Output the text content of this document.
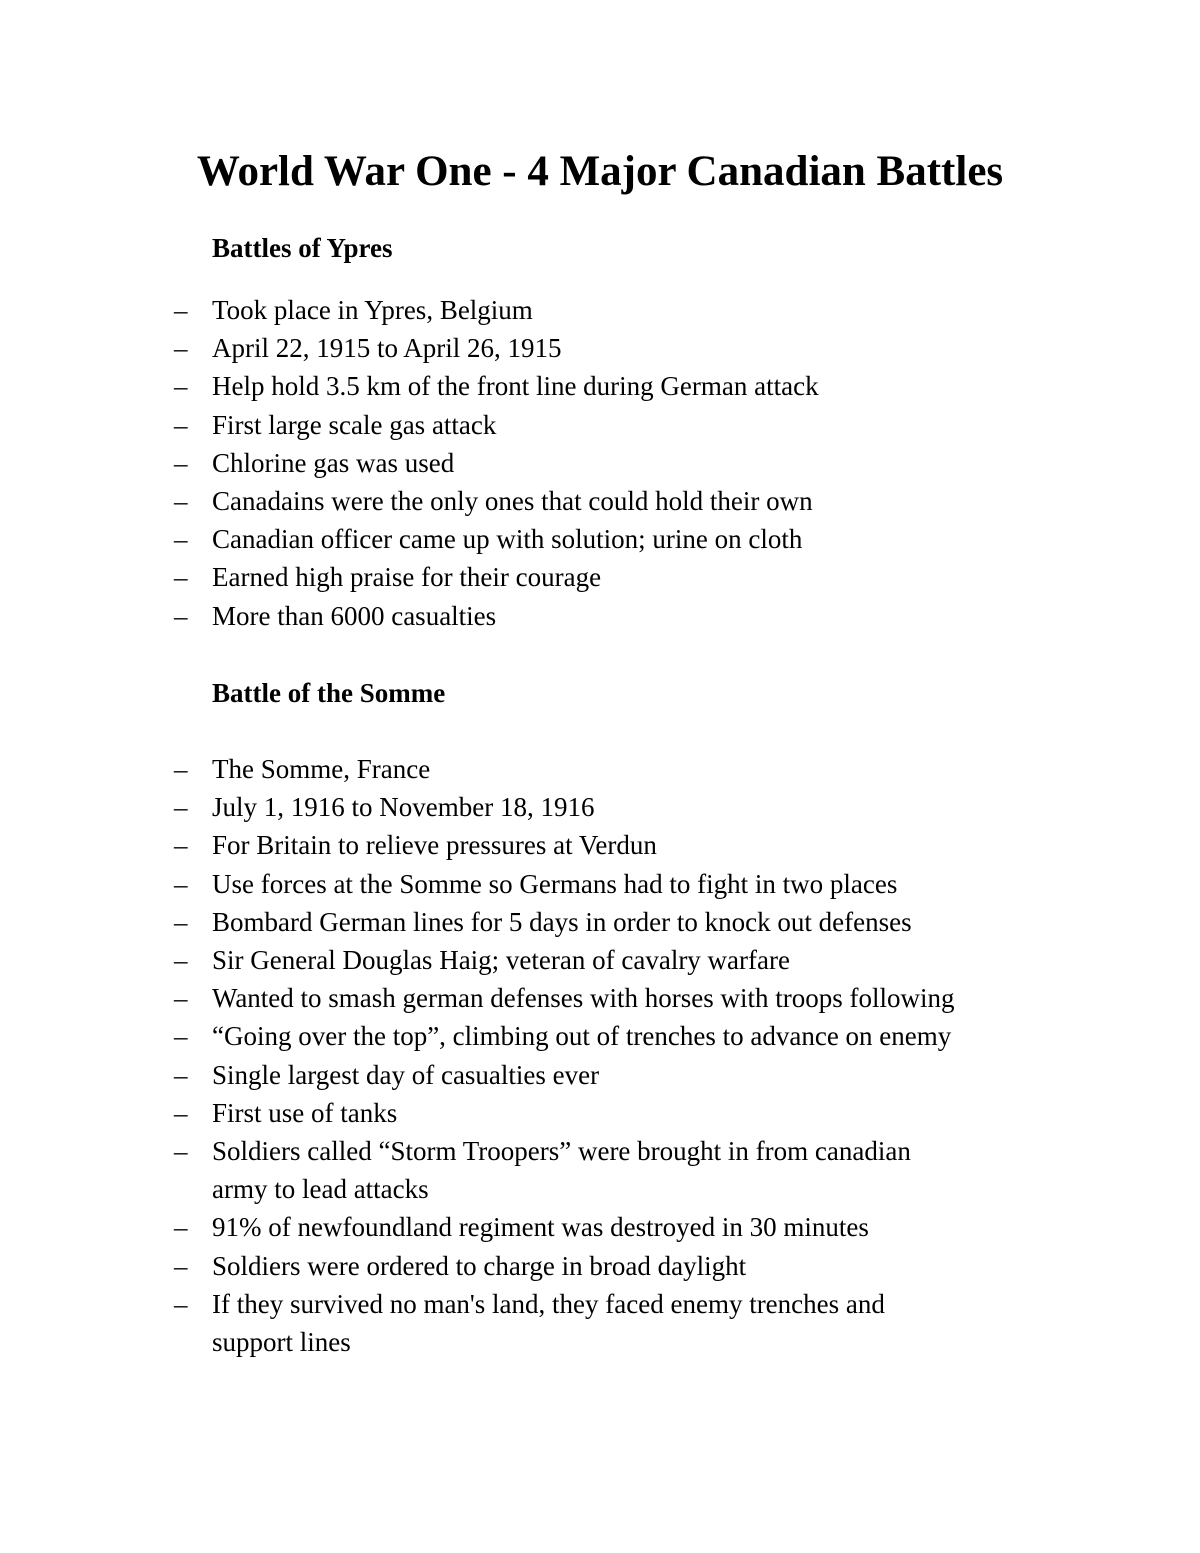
World War One - 4 Major Canadian Battles
Battles of Ypres
– Took place in Ypres, Belgium
– April 22, 1915 to April 26, 1915
– Help hold 3.5 km of the front line during German attack
– First large scale gas attack
– Chlorine gas was used
– Canadains were the only ones that could hold their own
– Canadian officer came up with solution; urine on cloth
– Earned high praise for their courage
– More than 6000 casualties
Battle of the Somme
– The Somme, France
– July 1, 1916 to November 18, 1916
– For Britain to relieve pressures at Verdun
– Use forces at the Somme so Germans had to fight in two places
– Bombard German lines for 5 days in order to knock out defenses
– Sir General Douglas Haig; veteran of cavalry warfare
– Wanted to smash german defenses with horses with troops following
– “Going over the top”, climbing out of trenches to advance on enemy
– Single largest day of casualties ever
– First use of tanks
– Soldiers called “Storm Troopers” were brought in from canadian
army to lead attacks
– 91% of newfoundland regiment was destroyed in 30 minutes
– Soldiers were ordered to charge in broad daylight
– If they survived no man's land, they faced enemy trenches and
support lines
